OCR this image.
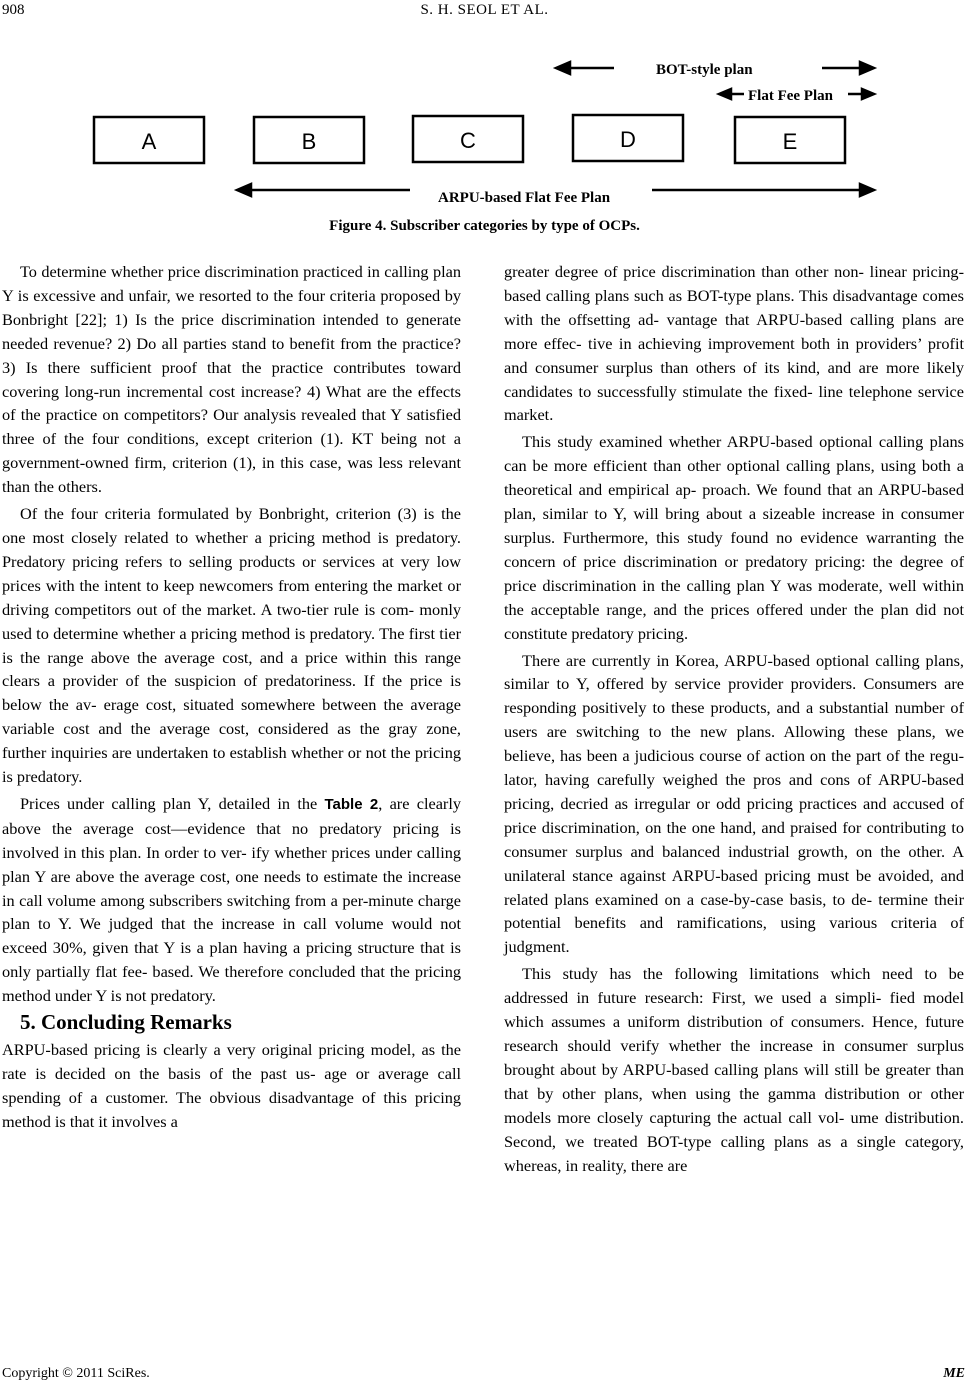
908	S. H. SEOL ET AL.
BOT-style plan
Flat Fee Plan
A	B	C	D	E
ARPU-based Flat Fee Plan
Figure 4. Subscriber categories by type of OCPs.

To determine whether price discrimination practiced in calling plan Y is excessive and unfair, we resorted to the four criteria proposed by Bonbright [22]; 1) Is the price discrimination intended to generate needed revenue? 2) Do all parties stand to benefit from the practice? 3) Is there sufficient proof that the practice contributes toward covering long-run incremental cost increase? 4) What are the effects of the practice on competitors? Our analysis revealed that Y satisfied three of the four conditions, except criterion (1). KT being not a government-owned firm, criterion (1), in this case, was less relevant than the others.

Of the four criteria formulated by Bonbright, criterion (3) is the one most closely related to whether a pricing method is predatory. Predatory pricing refers to selling products or services at very low prices with the intent to keep newcomers from entering the market or driving competitors out of the market. A two-tier rule is com- monly used to determine whether a pricing method is predatory. The first tier is the range above the average cost, and a price within this range clears a provider of the suspicion of predatoriness. If the price is below the av- erage cost, situated somewhere between the average variable cost and the average cost, considered as the gray zone, further inquiries are undertaken to establish whether or not the pricing is predatory.

Prices under calling plan Y, detailed in the Table 2, are clearly above the average cost—evidence that no predatory pricing is involved in this plan. In order to ver- ify whether prices under calling plan Y are above the average cost, one needs to estimate the increase in call volume among subscribers switching from a per-minute charge plan to Y. We judged that the increase in call volume would not exceed 30%, given that Y is a plan having a pricing structure that is only partially flat fee- based. We therefore concluded that the pricing method under Y is not predatory.

5. Concluding Remarks

ARPU-based pricing is clearly a very original pricing model, as the rate is decided on the basis of the past us- age or average call spending of a customer. The obvious disadvantage of this pricing method is that it involves a

greater degree of price discrimination than other non- linear pricing-based calling plans such as BOT-type plans. This disadvantage comes with the offsetting ad- vantage that ARPU-based calling plans are more effec- tive in achieving improvement both in providers’ profit and consumer surplus than others of its kind, and are more likely candidates to successfully stimulate the fixed- line telephone service market.

This study examined whether ARPU-based optional calling plans can be more efficient than other optional calling plans, using both a theoretical and empirical ap- proach. We found that an ARPU-based plan, similar to Y, will bring about a sizeable increase in consumer surplus. Furthermore, this study found no evidence warranting the concern of price discrimination or predatory pricing: the degree of price discrimination in the calling plan Y was moderate, well within the acceptable range, and the prices offered under the plan did not constitute predatory pricing.

There are currently in Korea, ARPU-based optional calling plans, similar to Y, offered by service provider providers. Consumers are responding positively to these products, and a substantial number of users are switching to the new plans. Allowing these plans, we believe, has been a judicious course of action on the part of the regu- lator, having carefully weighed the pros and cons of ARPU-based pricing, decried as irregular or odd pricing practices and accused of price discrimination, on the one hand, and praised for contributing to consumer surplus and balanced industrial growth, on the other. A unilateral stance against ARPU-based pricing must be avoided, and related plans examined on a case-by-case basis, to de- termine their potential benefits and ramifications, using various criteria of judgment.

This study has the following limitations which need to be addressed in future research: First, we used a simpli- fied model which assumes a uniform distribution of consumers. Hence, future research should verify whether the increase in consumer surplus brought about by ARPU-based calling plans will still be greater than that by other plans, when using the gamma distribution or other models more closely capturing the actual call vol- ume distribution. Second, we treated BOT-type calling plans as a single category, whereas, in reality, there are

Copyright © 2011 SciRes.	ME
